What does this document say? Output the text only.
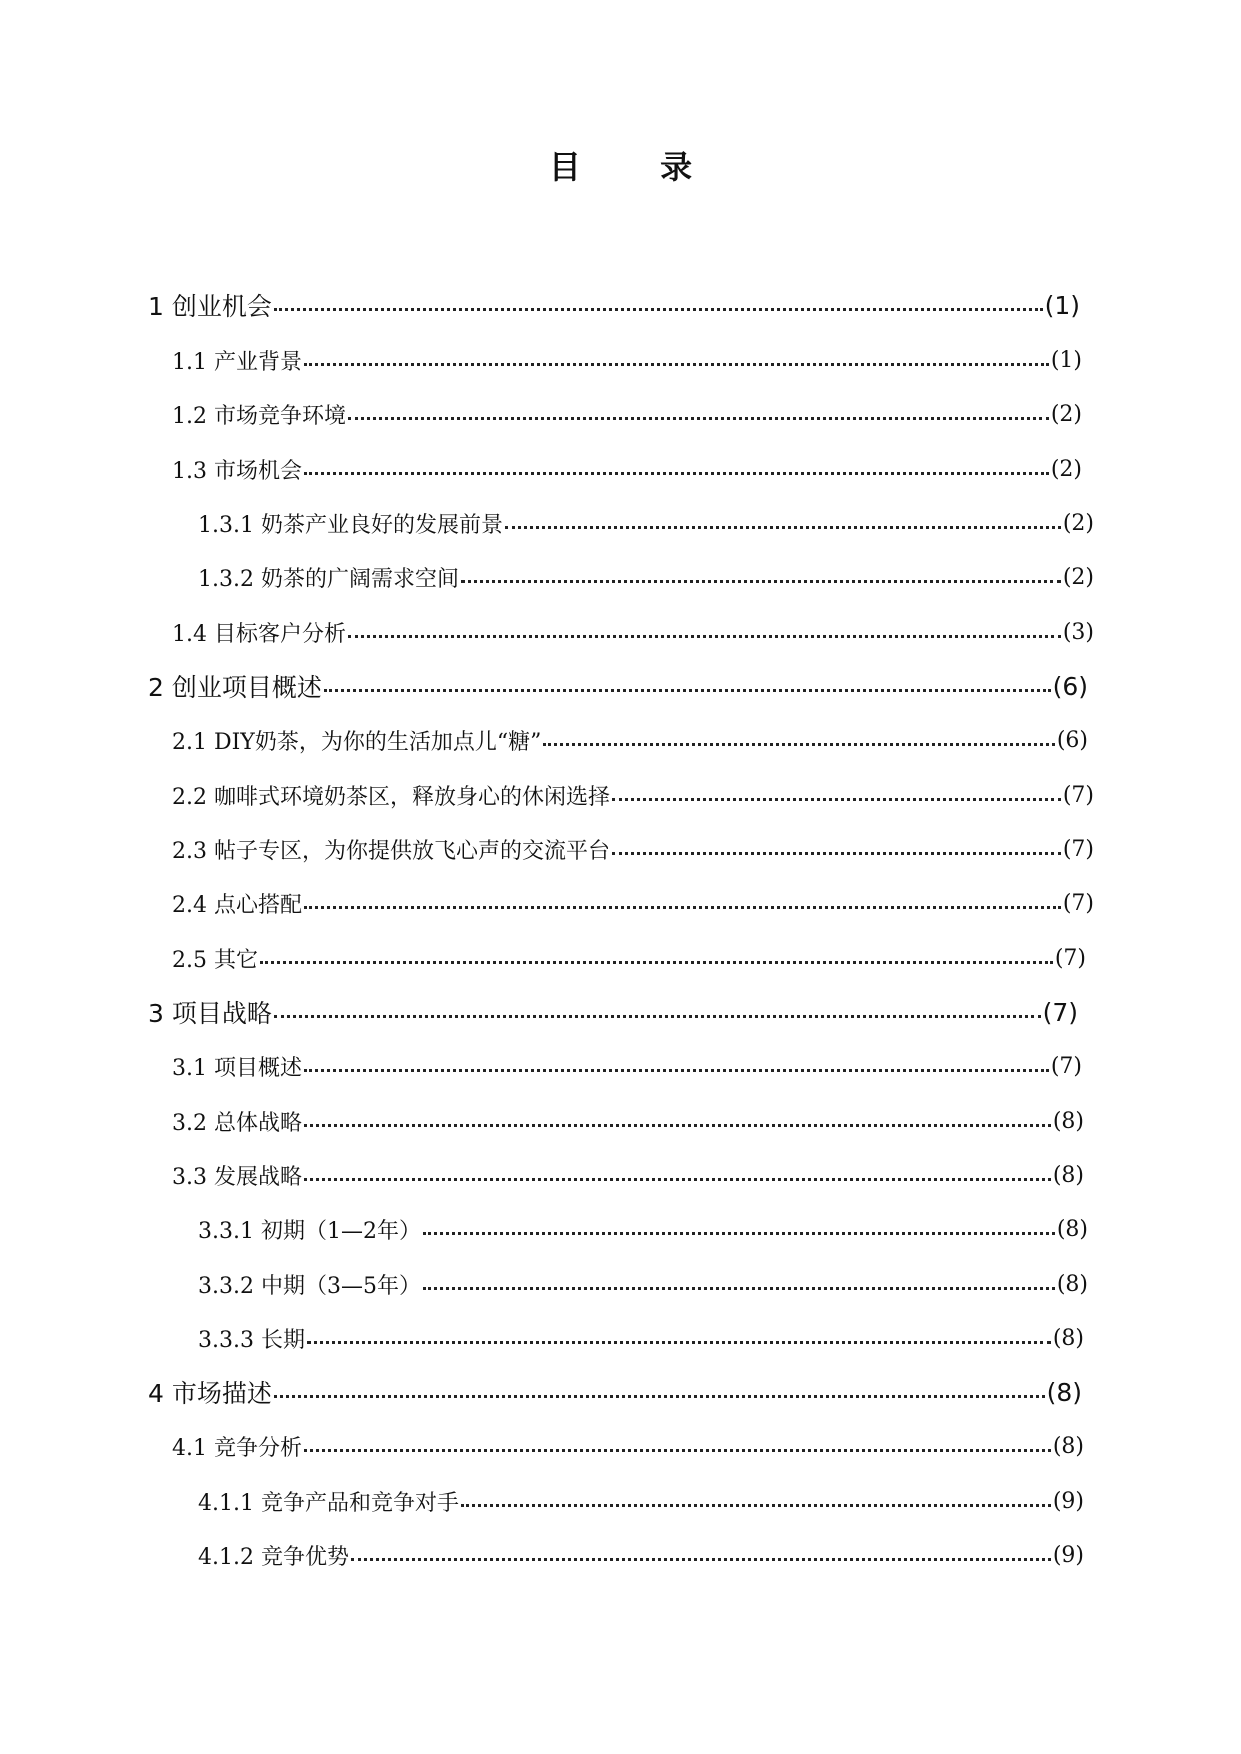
目 录
1 创业机会	(1)
1.1 产业背景	(1)
1.2 市场竞争环境	(2)
1.3 市场机会	(2)
1.3.1 奶茶产业良好的发展前景	(2)
1.3.2 奶茶的广阔需求空间	(2)
1.4 目标客户分析	(3)
2 创业项目概述	(6)
2.1 DIY奶茶，为你的生活加点儿“糖”	(6)
2.2 咖啡式环境奶茶区，释放身心的休闲选择	(7)
2.3 帖子专区，为你提供放飞心声的交流平台	(7)
2.4 点心搭配	(7)
2.5 其它	(7)
3 项目战略	(7)
3.1 项目概述	(7)
3.2 总体战略	(8)
3.3 发展战略	(8)
3.3.1 初期（1—2年）	(8)
3.3.2 中期（3—5年）	(8)
3.3.3 长期	(8)
4 市场描述	(8)
4.1 竞争分析	(8)
4.1.1 竞争产品和竞争对手	(9)
4.1.2 竞争优势	(9)
